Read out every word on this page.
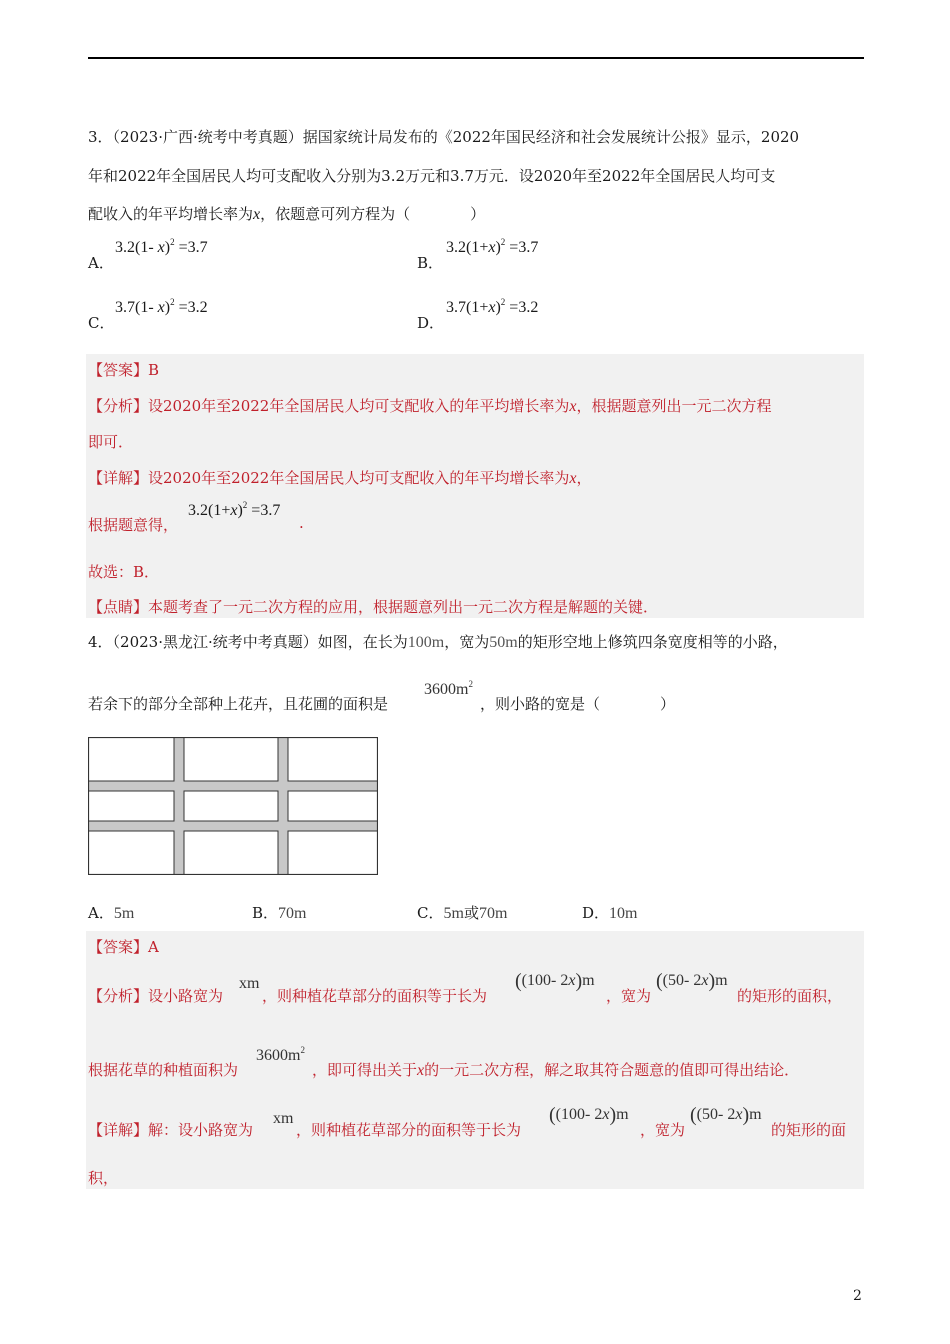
3．（2023·广西·统考中考真题）据国家统计局发布的《2022年国民经济和社会发展统计公报》显示，2020
年和2022年全国居民人均可支配收入分别为3.2万元和3.7万元．设2020年至2022年全国居民人均可支
配收入的年平均增长率为x，依题意可列方程为（　　　　）
A．
3.2(1- x)$^2$ =3.7
B．
$3.2(1+x)^2 =3.7$
C．
3.7(1- x)$^2$ =3.2
D．
$3.7(1+x)^2 =3.2$
【答案】B
【分析】设2020年至2022年全国居民人均可支配收入的年平均增长率为x，根据题意列出一元二次方程
即可．
【详解】设2020年至2022年全国居民人均可支配收入的年平均增长率为x，
根据题意得，
$3.2(1+x)^2 =3.7$
.
故选：B．
【点睛】本题考查了一元二次方程的应用，根据题意列出一元二次方程是解题的关键．
4．（2023·黑龙江·统考中考真题）如图，在长为100m，宽为50m的矩形空地上修筑四条宽度相等的小路，
若余下的部分全部种上花卉，且花圃的面积是
$3600m^2$
，则小路的宽是（　　　　）
A．5m	B．70m	C．5m或70m	D．10m
【答案】A
【分析】设小路宽为
xm
，则种植花草部分的面积等于长为
((100- 2x)m
，宽为
((50- 2x)m
的矩形的面积，
根据花草的种植面积为
$3600m^2$
，即可得出关于x的一元二次方程，解之取其符合题意的值即可得出结论．
【详解】解：设小路宽为
xm
，则种植花草部分的面积等于长为
((100- 2x)m
，宽为
((50- 2x)m
的矩形的面
积，
2
